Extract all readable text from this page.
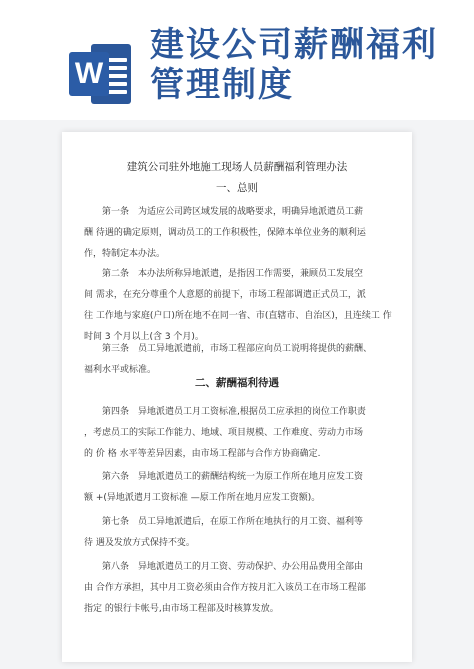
W
建设公司薪酬福利
管理制度
建筑公司驻外地施工现场人员薪酬福利管理办法
一、总则
第一条　为适应公司跨区域发展的战略要求，明确异地派遣员工薪
酬 待遇的确定原则，调动员工的工作积极性，保障本单位业务的顺利运
作，特制定本办法。
第二条　本办法所称异地派遣，是指因工作需要，兼顾员工发展空
间 需求，在充分尊重个人意愿的前提下，市场工程部调遣正式员工，派
往 工作地与家庭(户口)所在地不在同一省、市(直辖市、自治区)，且连续工 作时间 3 个月以上(含 3 个月)。
第三条　员工异地派遣前，市场工程部应向员工说明将提供的薪酬、
福利水平或标准。
二、薪酬福利待遇
第四条　异地派遣员工月工资标准,根据员工应承担的岗位工作职责
，考虑员工的实际工作能力、地域、项目规模、工作难度、劳动力市场
的 价 格 水平等差异因素，由市场工程部与合作方协商确定.
第六条　异地派遣员工的薪酬结构统一为原工作所在地月应发工资
额 +(异地派遣月工资标准 —原工作所在地月应发工资额)。
第七条　员工异地派遣后，在原工作所在地执行的月工资、福利等
待 遇及发放方式保持不变。
第八条　异地派遣员工的月工资、劳动保护、办公用品费用全部由
由 合作方承担，其中月工资必须由合作方按月汇入该员工在市场工程部
指定 的银行卡帐号,由市场工程部及时核算发放。
